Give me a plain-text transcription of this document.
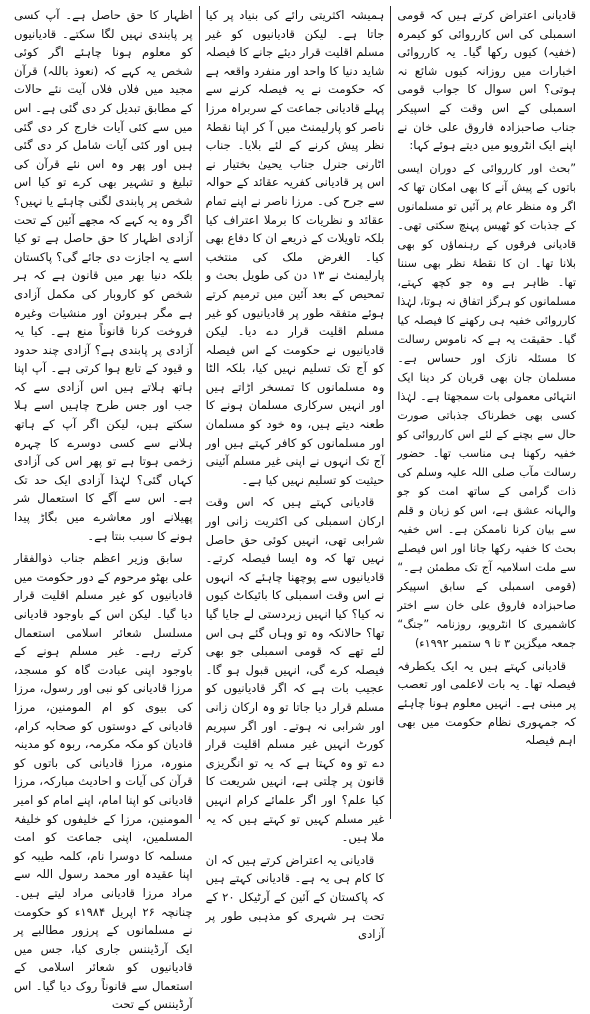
قادیانی اعتراض کرتے ہیں کہ قومی اسمبلی کی اس کارروائی کو کیمرہ (خفیہ) کیوں رکھا گیا۔ یہ کارروائی اخبارات میں روزانہ کیوں شائع نہ ہوتی؟ اس سوال کا جواب قومی اسمبلی کے اس وقت کے اسپیکر جناب صاحبزادہ فاروق علی خان نے اپنے ایک انٹرویو میں دیتے ہوئے کہا:

”بحث اور کارروائی کے دوران ایسی باتوں کے پیش آنے کا بھی امکان تھا کہ اگر وہ منظر عام پر آئیں تو مسلمانوں کے جذبات کو ٹھیس پہنچ سکتی تھی۔ قادیانی فرقوں کے رہنماؤں کو بھی بلانا تھا۔ ان کا نقطۂ نظر بھی سننا تھا۔ ظاہر ہے وہ جو کچھ کہتے، مسلمانوں کو ہرگز اتفاق نہ ہوتا، لہٰذا کارروائی خفیہ ہی رکھنے کا فیصلہ کیا گیا۔ حقیقت یہ ہے کہ ناموس رسالت کا مسئلہ نازک اور حساس ہے۔ مسلمان جان بھی قربان کر دینا ایک انتہائی معمولی بات سمجھتا ہے۔ لہٰذا کسی بھی خطرناک جذباتی صورت حال سے بچنے کے لئے اس کارروائی کو خفیہ رکھنا ہی مناسب تھا۔ حضور رسالت مآب صلی اللہ علیہ وسلم کی ذات گرامی کے ساتھ امت کو جو والہانہ عشق ہے، اس کو زبان و قلم سے بیان کرنا ناممکن ہے۔ اس خفیہ بحث کا خفیہ رکھا جانا اور اس فیصلے سے ملت اسلامیہ آج تک مطمئن ہے۔“ (قومی اسمبلی کے سابق اسپیکر صاحبزادہ فاروق علی خان سے اختر کاشمیری کا انٹرویو، روزنامہ ”جنگ“ جمعہ میگزین ۳ تا ۹ ستمبر ۱۹۹۲ء)

قادیانی کہتے ہیں یہ ایک یکطرفہ فیصلہ تھا۔ یہ بات لاعلمی اور تعصب پر مبنی ہے۔ انہیں معلوم ہونا چاہئے کہ جمہوری نظام حکومت میں بھی اہم فیصلہ

ہمیشہ اکثریتی رائے کی بنیاد پر کیا جاتا ہے۔ لیکن قادیانیوں کو غیر مسلم اقلیت قرار دیئے جانے کا فیصلہ شاید دنیا کا واحد اور منفرد واقعہ ہے کہ حکومت نے یہ فیصلہ کرنے سے پہلے قادیانی جماعت کے سربراہ مرزا ناصر کو پارلیمنٹ میں آ کر اپنا نقطۂ نظر پیش کرنے کے لئے بلایا۔ جناب اٹارنی جنرل جناب یحییٰ بختیار نے اس پر قادیانی کفریہ عقائد کے حوالہ سے جرح کی۔ مرزا ناصر نے اپنے تمام عقائد و نظریات کا برملا اعتراف کیا بلکہ تاویلات کے ذریعے ان کا دفاع بھی کیا۔ الغرض ملک کی منتخب پارلیمنٹ نے ۱۳ دن کی طویل بحث و تمحیص کے بعد آئین میں ترمیم کرتے ہوئے متفقہ طور پر قادیانیوں کو غیر مسلم اقلیت قرار دے دیا۔ لیکن قادیانیوں نے حکومت کے اس فیصلہ کو آج تک تسلیم نہیں کیا، بلکہ الٹا وہ مسلمانوں کا تمسخر اڑاتے ہیں اور انہیں سرکاری مسلمان ہونے کا طعنہ دیتے ہیں، وہ خود کو مسلمان اور مسلمانوں کو کافر کہتے ہیں اور آج تک انہوں نے اپنی غیر مسلم آئینی حیثیت کو تسلیم نہیں کیا ہے۔

قادیانی کہتے ہیں کہ اس وقت ارکان اسمبلی کی اکثریت زانی اور شرابی تھی، انہیں کوئی حق حاصل نہیں تھا کہ وہ ایسا فیصلہ کرتے۔ قادیانیوں سے پوچھنا چاہئے کہ انہوں نے اس وقت اسمبلی کا بائیکاٹ کیوں نہ کیا؟ کیا انہیں زبردستی لے جایا گیا تھا؟ حالانکہ وہ تو وہاں گئے ہی اس لئے تھے کہ قومی اسمبلی جو بھی فیصلہ کرے گی، انہیں قبول ہو گا۔ عجیب بات ہے کہ اگر قادیانیوں کو مسلم قرار دیا جاتا تو وہ ارکان زانی اور شرابی نہ ہوتے۔ اور اگر سپریم کورٹ انہیں غیر مسلم اقلیت قرار دے تو وہ کہتا ہے کہ یہ تو انگریزی قانون پر چلتی ہے، انہیں شریعت کا کیا علم؟ اور اگر علمائے کرام انہیں غیر مسلم کہیں تو کہتے ہیں کہ یہ ملا ہیں۔

قادیانی یہ اعتراض کرتے ہیں کہ ان کا کام ہی یہ ہے۔ قادیانی کہتے ہیں کہ پاکستان کے آئین کے آرٹیکل ۲۰ کے تحت ہر شہری کو مذہبی طور پر آزادی

اظہار کا حق حاصل ہے۔ آپ کسی پر پابندی نہیں لگا سکتے۔ قادیانیوں کو معلوم ہونا چاہئے اگر کوئی شخص یہ کہے کہ (نعوذ باللہ) قرآن مجید میں فلاں فلاں آیت نئے حالات کے مطابق تبدیل کر دی گئی ہے۔ اس میں سے کئی آیات خارج کر دی گئی ہیں اور کئی آیات شامل کر دی گئی ہیں اور پھر وہ اس نئے قرآن کی تبلیغ و تشہیر بھی کرے تو کیا اس شخص پر پابندی لگنی چاہئے یا نہیں؟ اگر وہ یہ کہے کہ مجھے آئین کے تحت آزادی اظہار کا حق حاصل ہے تو کیا اسے یہ اجازت دی جائے گی؟ پاکستان بلکہ دنیا بھر میں قانون ہے کہ ہر شخص کو کاروبار کی مکمل آزادی ہے مگر ہیروئن اور منشیات وغیرہ فروخت کرنا قانوناً منع ہے۔ کیا یہ آزادی پر پابندی ہے؟ آزادی چند حدود و قیود کے تابع ہوا کرتی ہے۔ آپ اپنا ہاتھ ہلاتے ہیں اس آزادی سے کہ جب اور جس طرح چاہیں اسے ہلا سکتے ہیں، لیکن اگر آپ کے ہاتھ ہلانے سے کسی دوسرے کا چہرہ زخمی ہوتا ہے تو پھر اس کی آزادی کہاں گئی؟ لہٰذا آزادی ایک حد تک ہے۔ اس سے آگے کا استعمال شر پھیلانے اور معاشرے میں بگاڑ پیدا ہونے کا سبب بنتا ہے۔

سابق وزیر اعظم جناب ذوالفقار علی بھٹو مرحوم کے دور حکومت میں قادیانیوں کو غیر مسلم اقلیت قرار دیا گیا۔ لیکن اس کے باوجود قادیانی مسلسل شعائر اسلامی استعمال کرتے رہے۔ غیر مسلم ہونے کے باوجود اپنی عبادت گاہ کو مسجد، مرزا قادیانی کو نبی اور رسول، مرزا کی بیوی کو ام المومنین، مرزا قادیانی کے دوستوں کو صحابہ کرام، قادیان کو مکہ مکرمہ، ربوہ کو مدینہ منورہ، مرزا قادیانی کی باتوں کو قرآن کی آیات و احادیث مبارکہ، مرزا قادیانی کو اپنا امام، اپنے امام کو امیر المومنین، مرزا کے خلیفوں کو خلیفۃ المسلمین، اپنی جماعت کو امت مسلمہ کا دوسرا نام، کلمہ طیبہ کو اپنا عقیدہ اور محمد رسول اللہ سے مراد مرزا قادیانی مراد لیتے ہیں۔ چنانچہ ۲۶ اپریل ۱۹۸۴ء کو حکومت نے مسلمانوں کے پرزور مطالبے پر ایک آرڈیننس جاری کیا، جس میں قادیانیوں کو شعائر اسلامی کے استعمال سے قانوناً روک دیا گیا۔ اس آرڈیننس کے تحت
